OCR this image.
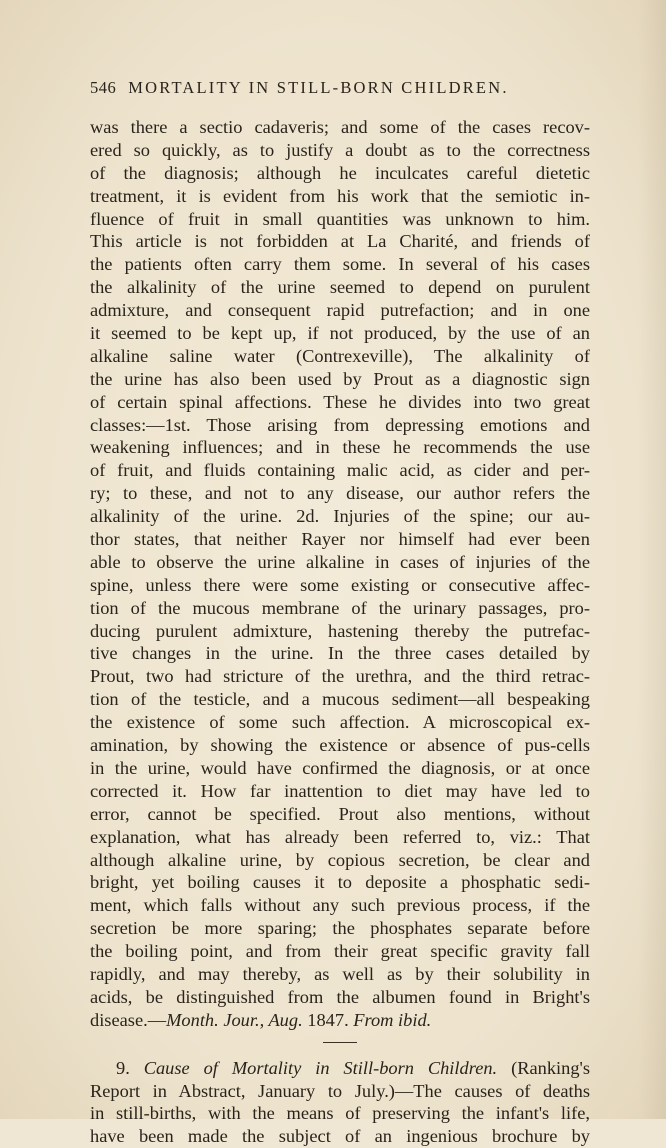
546 MORTALITY IN STILL-BORN CHILDREN.
was there a sectio cadaveris; and some of the cases recov-
ered so quickly, as to justify a doubt as to the correctness
of the diagnosis; although he inculcates careful dietetic
treatment, it is evident from his work that the semiotic in-
fluence of fruit in small quantities was unknown to him.
This article is not forbidden at La Charité, and friends of
the patients often carry them some. In several of his cases
the alkalinity of the urine seemed to depend on purulent
admixture, and consequent rapid putrefaction; and in one
it seemed to be kept up, if not produced, by the use of an
alkaline saline water (Contrexeville), The alkalinity of
the urine has also been used by Prout as a diagnostic sign
of certain spinal affections. These he divides into two great
classes:—1st. Those arising from depressing emotions and
weakening influences; and in these he recommends the use
of fruit, and fluids containing malic acid, as cider and per-
ry; to these, and not to any disease, our author refers the
alkalinity of the urine. 2d. Injuries of the spine; our au-
thor states, that neither Rayer nor himself had ever been
able to observe the urine alkaline in cases of injuries of the
spine, unless there were some existing or consecutive affec-
tion of the mucous membrane of the urinary passages, pro-
ducing purulent admixture, hastening thereby the putrefac-
tive changes in the urine. In the three cases detailed by
Prout, two had stricture of the urethra, and the third retrac-
tion of the testicle, and a mucous sediment—all bespeaking
the existence of some such affection. A microscopical ex-
amination, by showing the existence or absence of pus-cells
in the urine, would have confirmed the diagnosis, or at once
corrected it. How far inattention to diet may have led to
error, cannot be specified. Prout also mentions, without
explanation, what has already been referred to, viz.: That
although alkaline urine, by copious secretion, be clear and
bright, yet boiling causes it to deposite a phosphatic sedi-
ment, which falls without any such previous process, if the
secretion be more sparing; the phosphates separate before
the boiling point, and from their great specific gravity fall
rapidly, and may thereby, as well as by their solubility in
acids, be distinguished from the albumen found in Bright's
disease.—Month. Jour., Aug. 1847. From ibid.
9. Cause of Mortality in Still-born Children. (Ranking's
Report in Abstract, January to July.)—The causes of deaths
in still-births, with the means of preserving the infant's life,
have been made the subject of an ingenious brochure by
